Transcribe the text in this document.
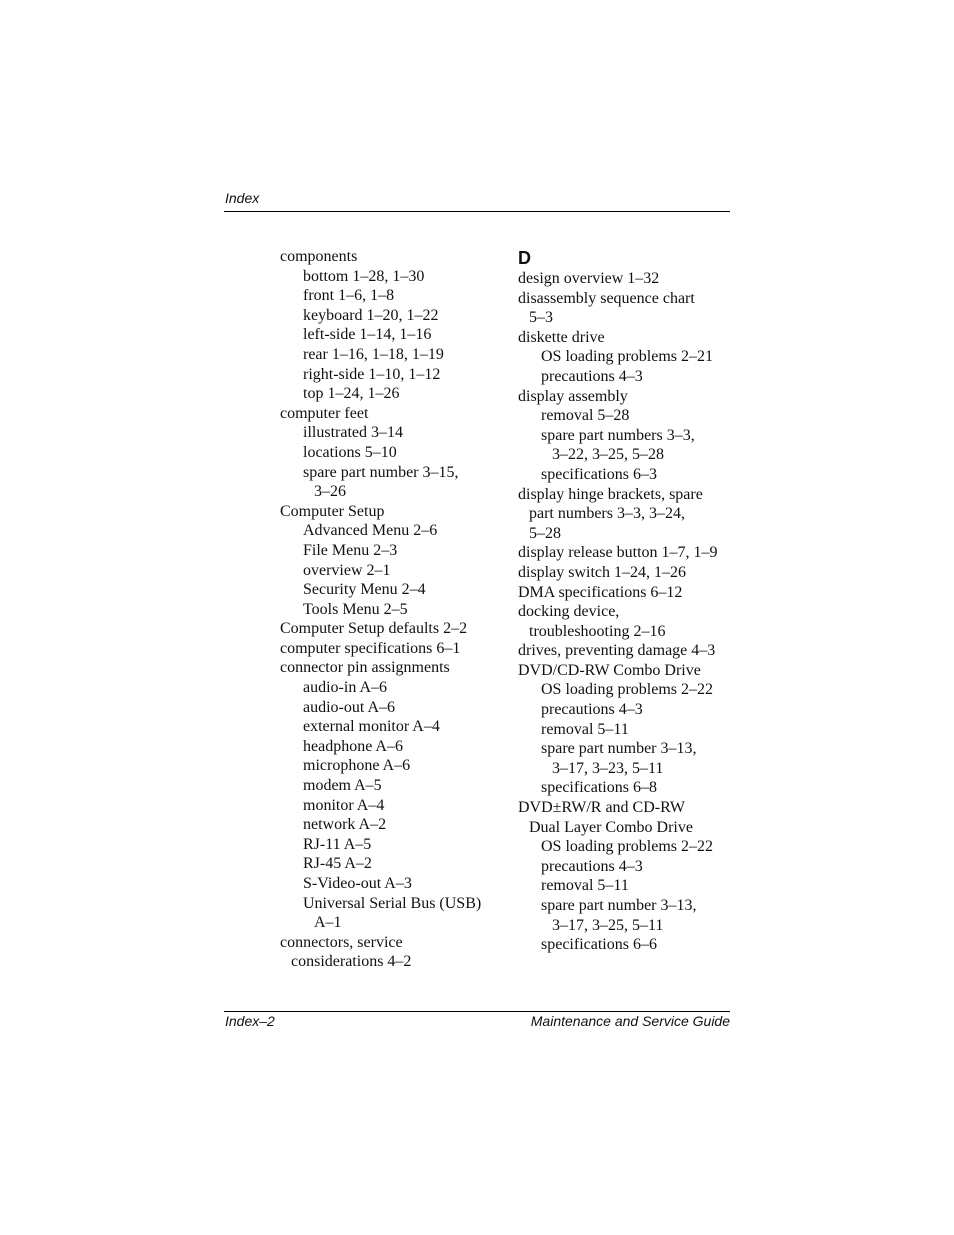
Index
components
bottom 1–28, 1–30
front 1–6, 1–8
keyboard 1–20, 1–22
left-side 1–14, 1–16
rear 1–16, 1–18, 1–19
right-side 1–10, 1–12
top 1–24, 1–26
computer feet
illustrated 3–14
locations 5–10
spare part number 3–15,
3–26
Computer Setup
Advanced Menu 2–6
File Menu 2–3
overview 2–1
Security Menu 2–4
Tools Menu 2–5
Computer Setup defaults 2–2
computer specifications 6–1
connector pin assignments
audio-in A–6
audio-out A–6
external monitor A–4
headphone A–6
microphone A–6
modem A–5
monitor A–4
network A–2
RJ-11 A–5
RJ-45 A–2
S-Video-out A–3
Universal Serial Bus (USB)
A–1
connectors, service
considerations 4–2
D
design overview 1–32
disassembly sequence chart
5–3
diskette drive
OS loading problems 2–21
precautions 4–3
display assembly
removal 5–28
spare part numbers 3–3,
3–22, 3–25, 5–28
specifications 6–3
display hinge brackets, spare
part numbers 3–3, 3–24,
5–28
display release button 1–7, 1–9
display switch 1–24, 1–26
DMA specifications 6–12
docking device,
troubleshooting 2–16
drives, preventing damage 4–3
DVD/CD-RW Combo Drive
OS loading problems 2–22
precautions 4–3
removal 5–11
spare part number 3–13,
3–17, 3–23, 5–11
specifications 6–8
DVD±RW/R and CD-RW
Dual Layer Combo Drive
OS loading problems 2–22
precautions 4–3
removal 5–11
spare part number 3–13,
3–17, 3–25, 5–11
specifications 6–6
Index–2	Maintenance and Service Guide
